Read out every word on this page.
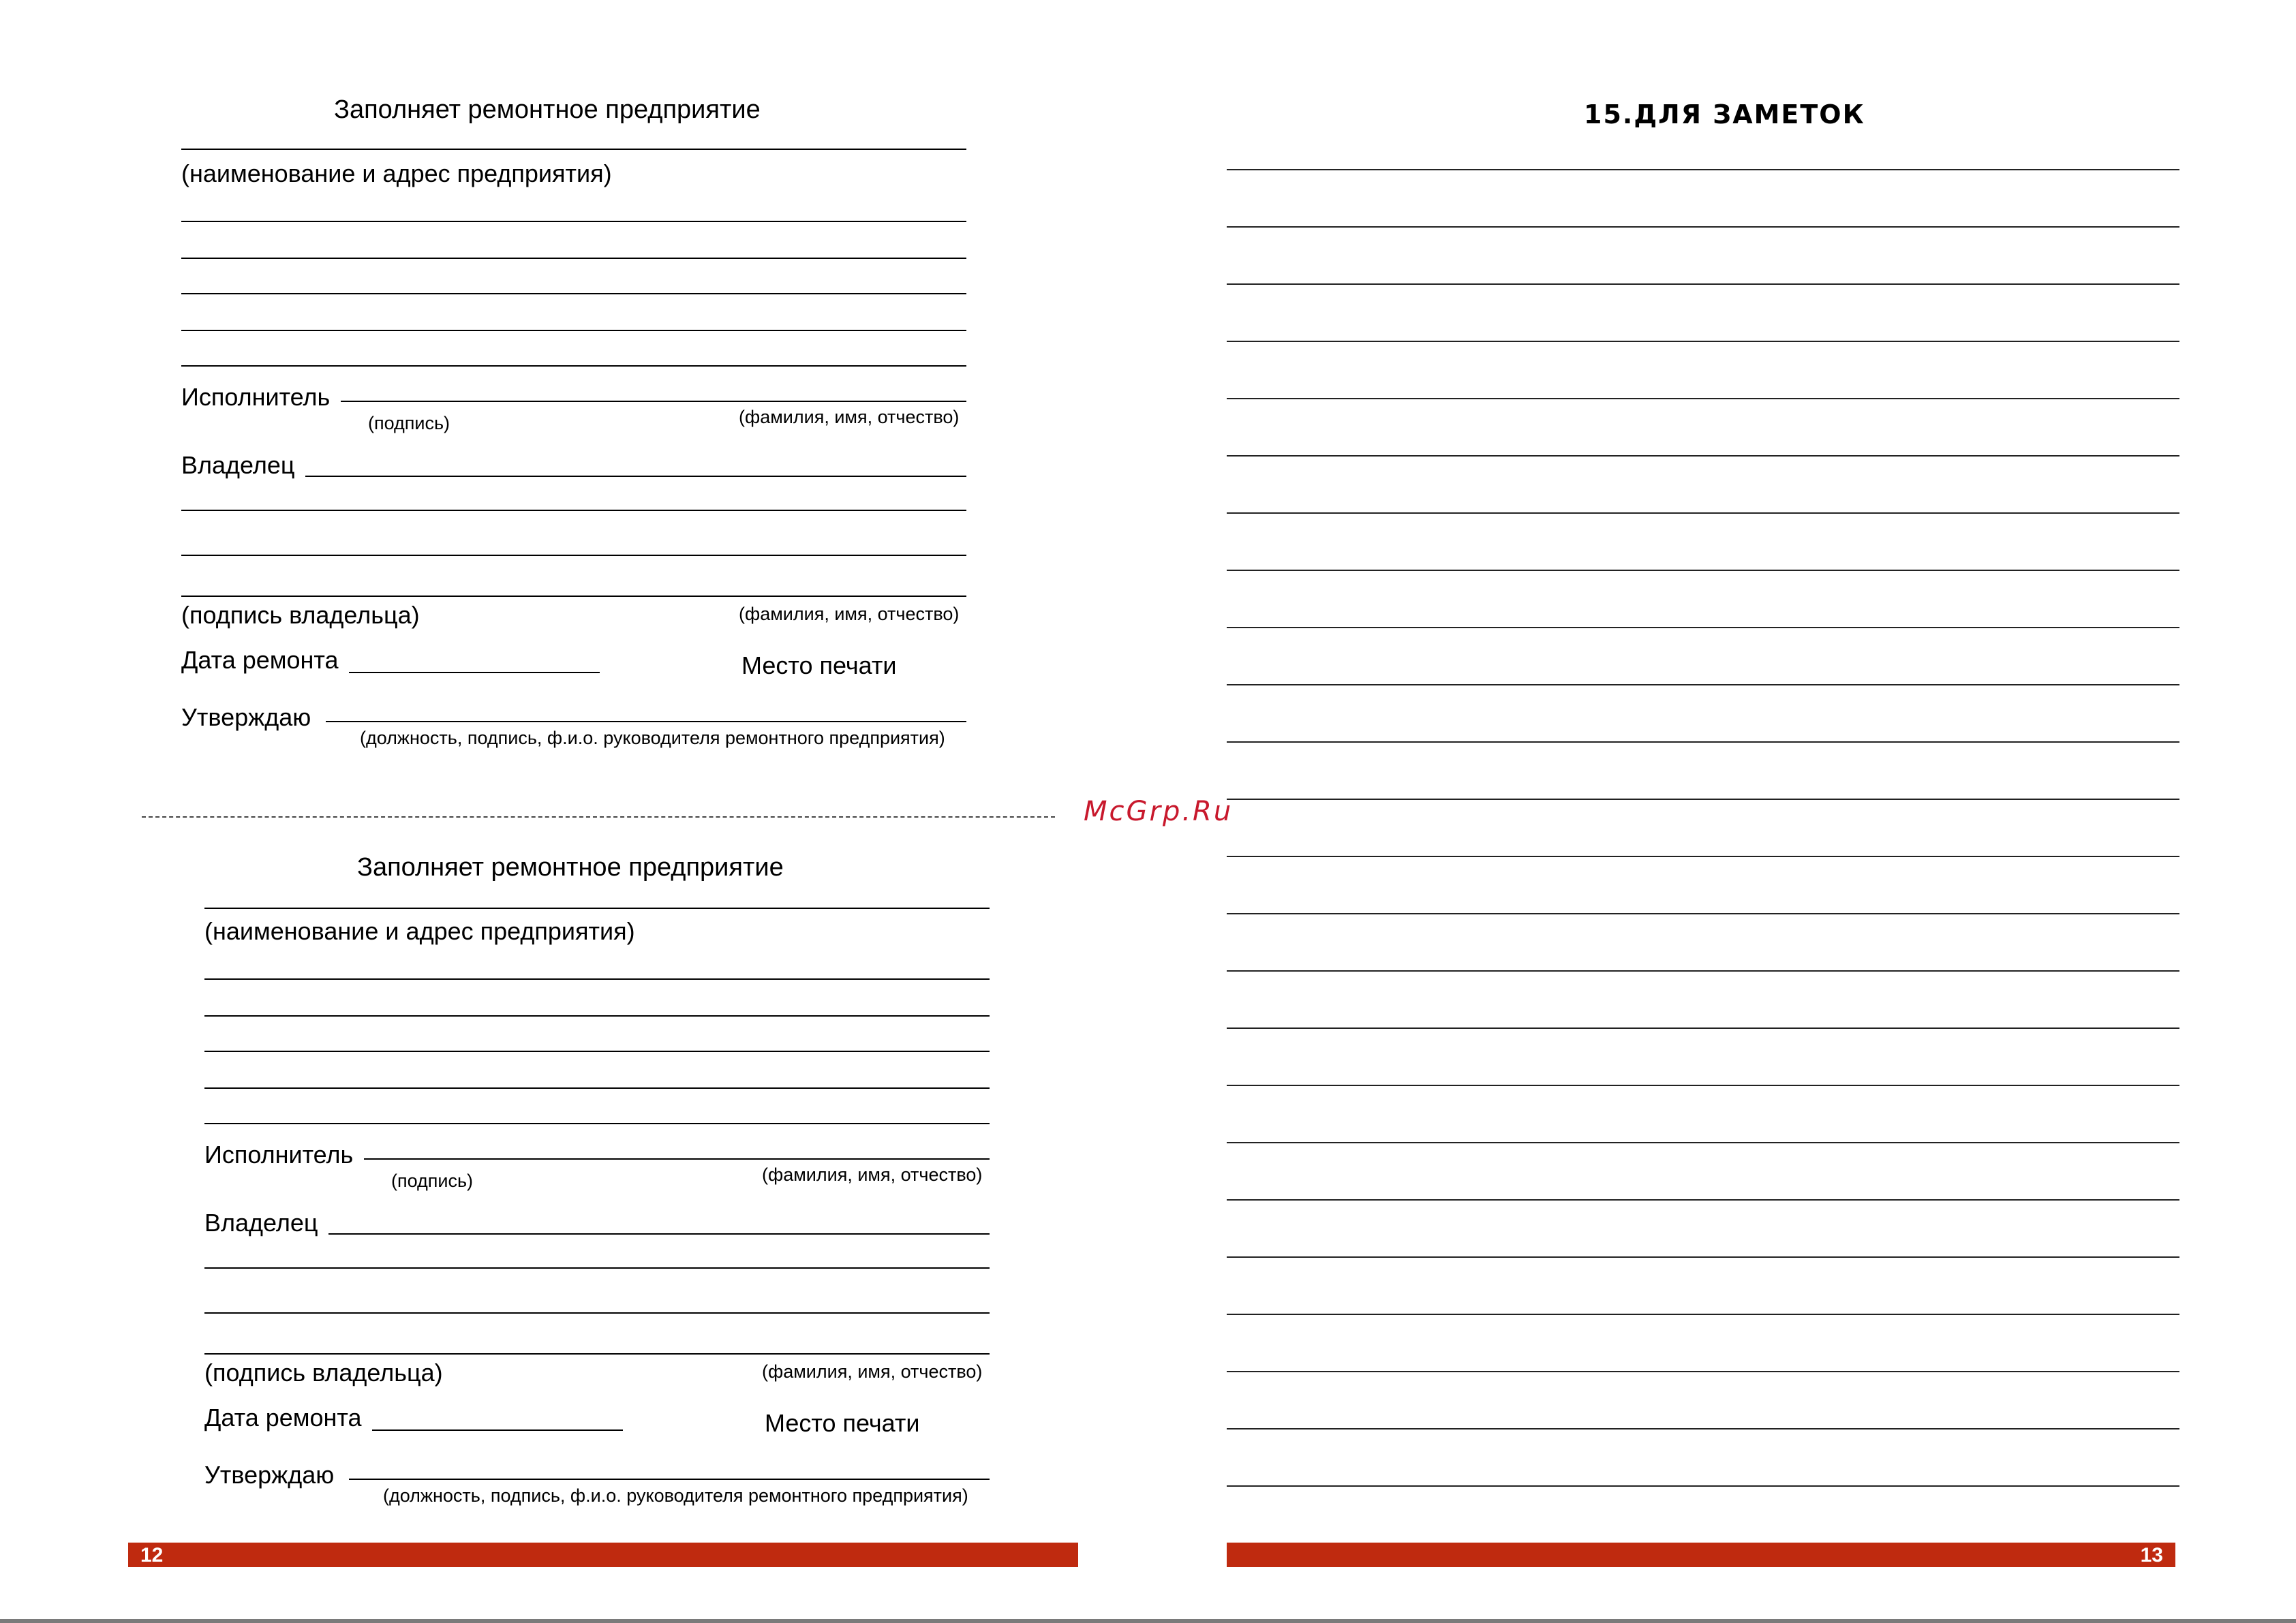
Заполняет ремонтное предприятие
(наименование и адрес предприятия)
Исполнитель
(подпись)	(фамилия, имя, отчество)
Владелец
(подпись владельца)	(фамилия, имя, отчество)
Дата ремонта	Место печати
Утверждаю
(должность, подпись, ф.и.о. руководителя ремонтного предприятия)
McGrp.Ru
Заполняет ремонтное предприятие
(наименование и адрес предприятия)
Исполнитель
(подпись)	(фамилия, имя, отчество)
Владелец
(подпись владельца)	(фамилия, имя, отчество)
Дата ремонта	Место печати
Утверждаю
(должность, подпись, ф.и.о. руководителя ремонтного предприятия)
12
15.ДЛЯ ЗАМЕТОК
13
